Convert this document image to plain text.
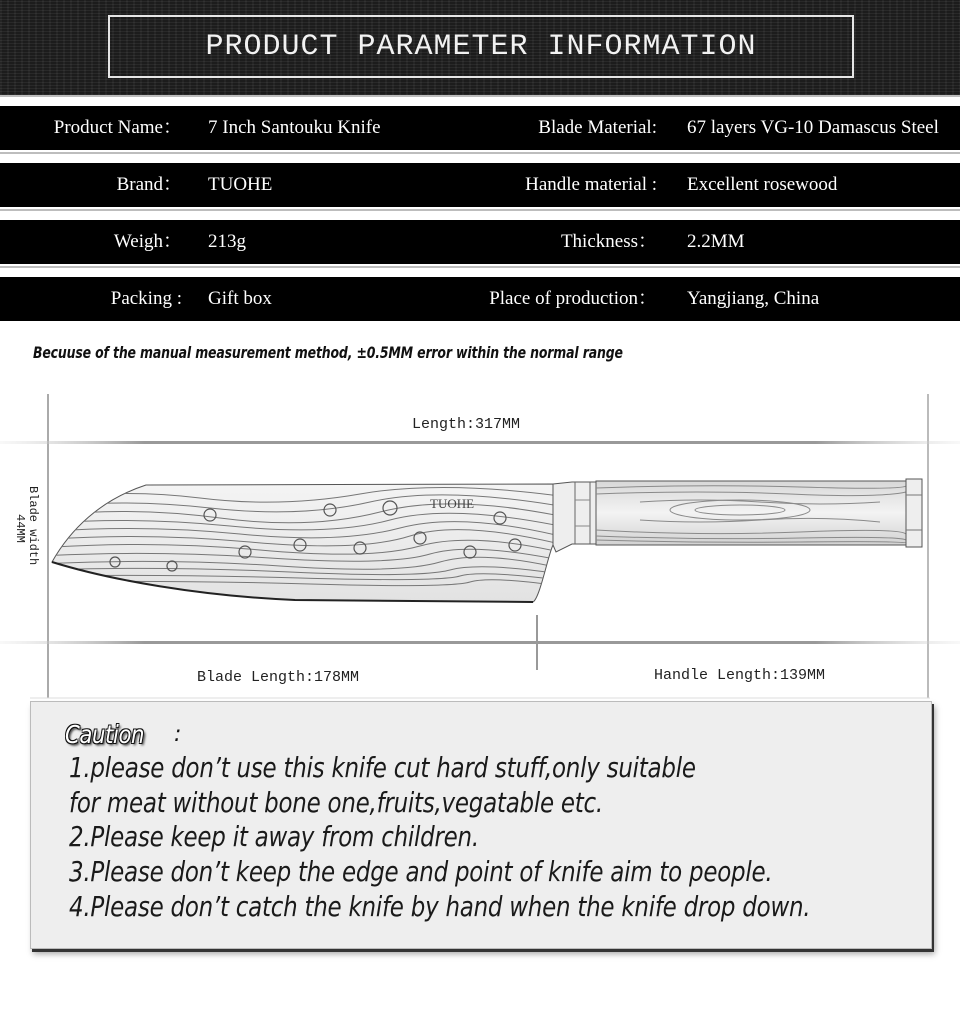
PRODUCT PARAMETER INFORMATION
Product Name： 7 Inch Santouku Knife	Blade Material: 67 layers VG-10 Damascus Steel
Brand： TUOHE	Handle material : Excellent rosewood
Weigh： 213g	Thickness： 2.2MM
Packing : Gift box	Place of production： Yangjiang, China
Becuuse of the manual measurement method, ±0.5MM error within the normal range
TUOHE
Length:317MM
Blade Length:178MM	Handle Length:139MM
Blade width
44MM
Caution :
1.please don’t use this knife cut hard stuff,only suitable
for meat without bone one,fruits,vegatable etc.
2.Please keep it away from children.
3.Please don’t keep the edge and point of knife aim to people.
4.Please don’t catch the knife by hand when the knife drop down.
